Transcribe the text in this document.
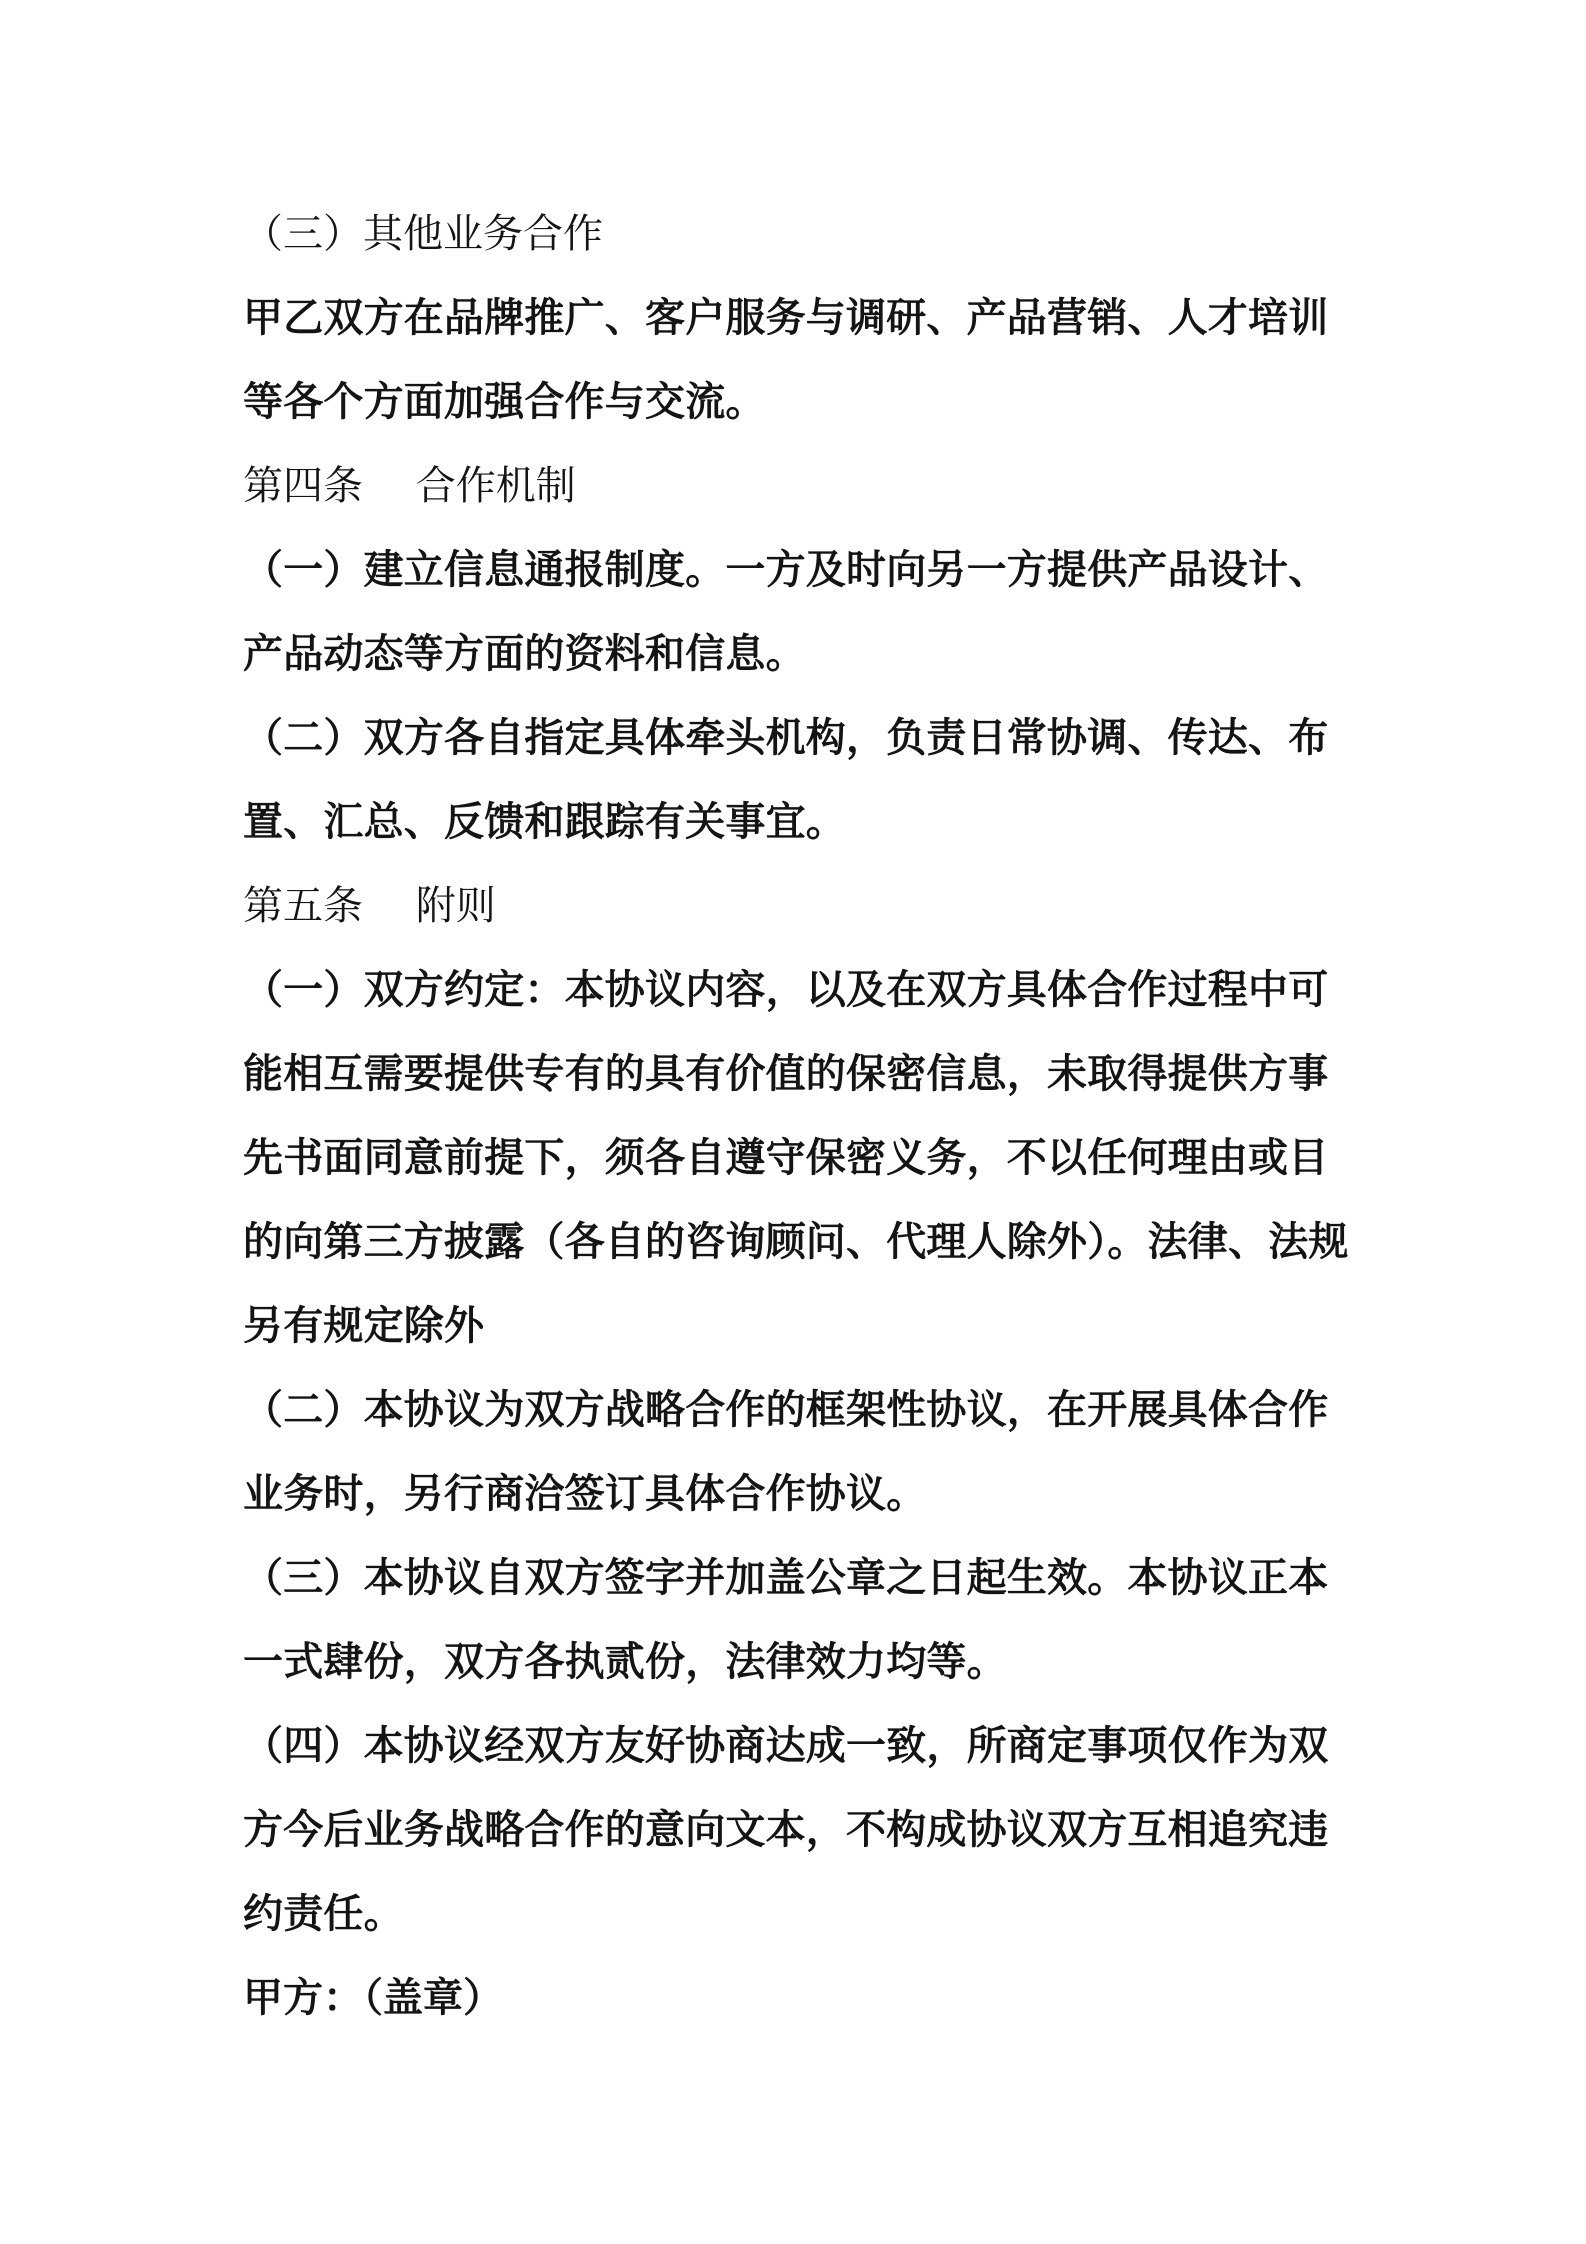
（三）其他业务合作

甲乙双方在品牌推广、客户服务与调研、产品营销、人才培训等各个方面加强合作与交流。

第四条　 合作机制

（一）建立信息通报制度。一方及时向另一方提供产品设计、产品动态等方面的资料和信息。

（二）双方各自指定具体牵头机构，负责日常协调、传达、布置、汇总、反馈和跟踪有关事宜。

第五条　 附则

（一）双方约定：本协议内容，以及在双方具体合作过程中可能相互需要提供专有的具有价值的保密信息，未取得提供方事先书面同意前提下，须各自遵守保密义务，不以任何理由或目的向第三方披露（各自的咨询顾问、代理人除外）。法律、法规另有规定除外

（二）本协议为双方战略合作的框架性协议，在开展具体合作业务时，另行商洽签订具体合作协议。

（三）本协议自双方签字并加盖公章之日起生效。本协议正本一式肆份，双方各执贰份，法律效力均等。

（四）本协议经双方友好协商达成一致，所商定事项仅作为双方今后业务战略合作的意向文本，不构成协议双方互相追究违约责任。

甲方：（盖章）
